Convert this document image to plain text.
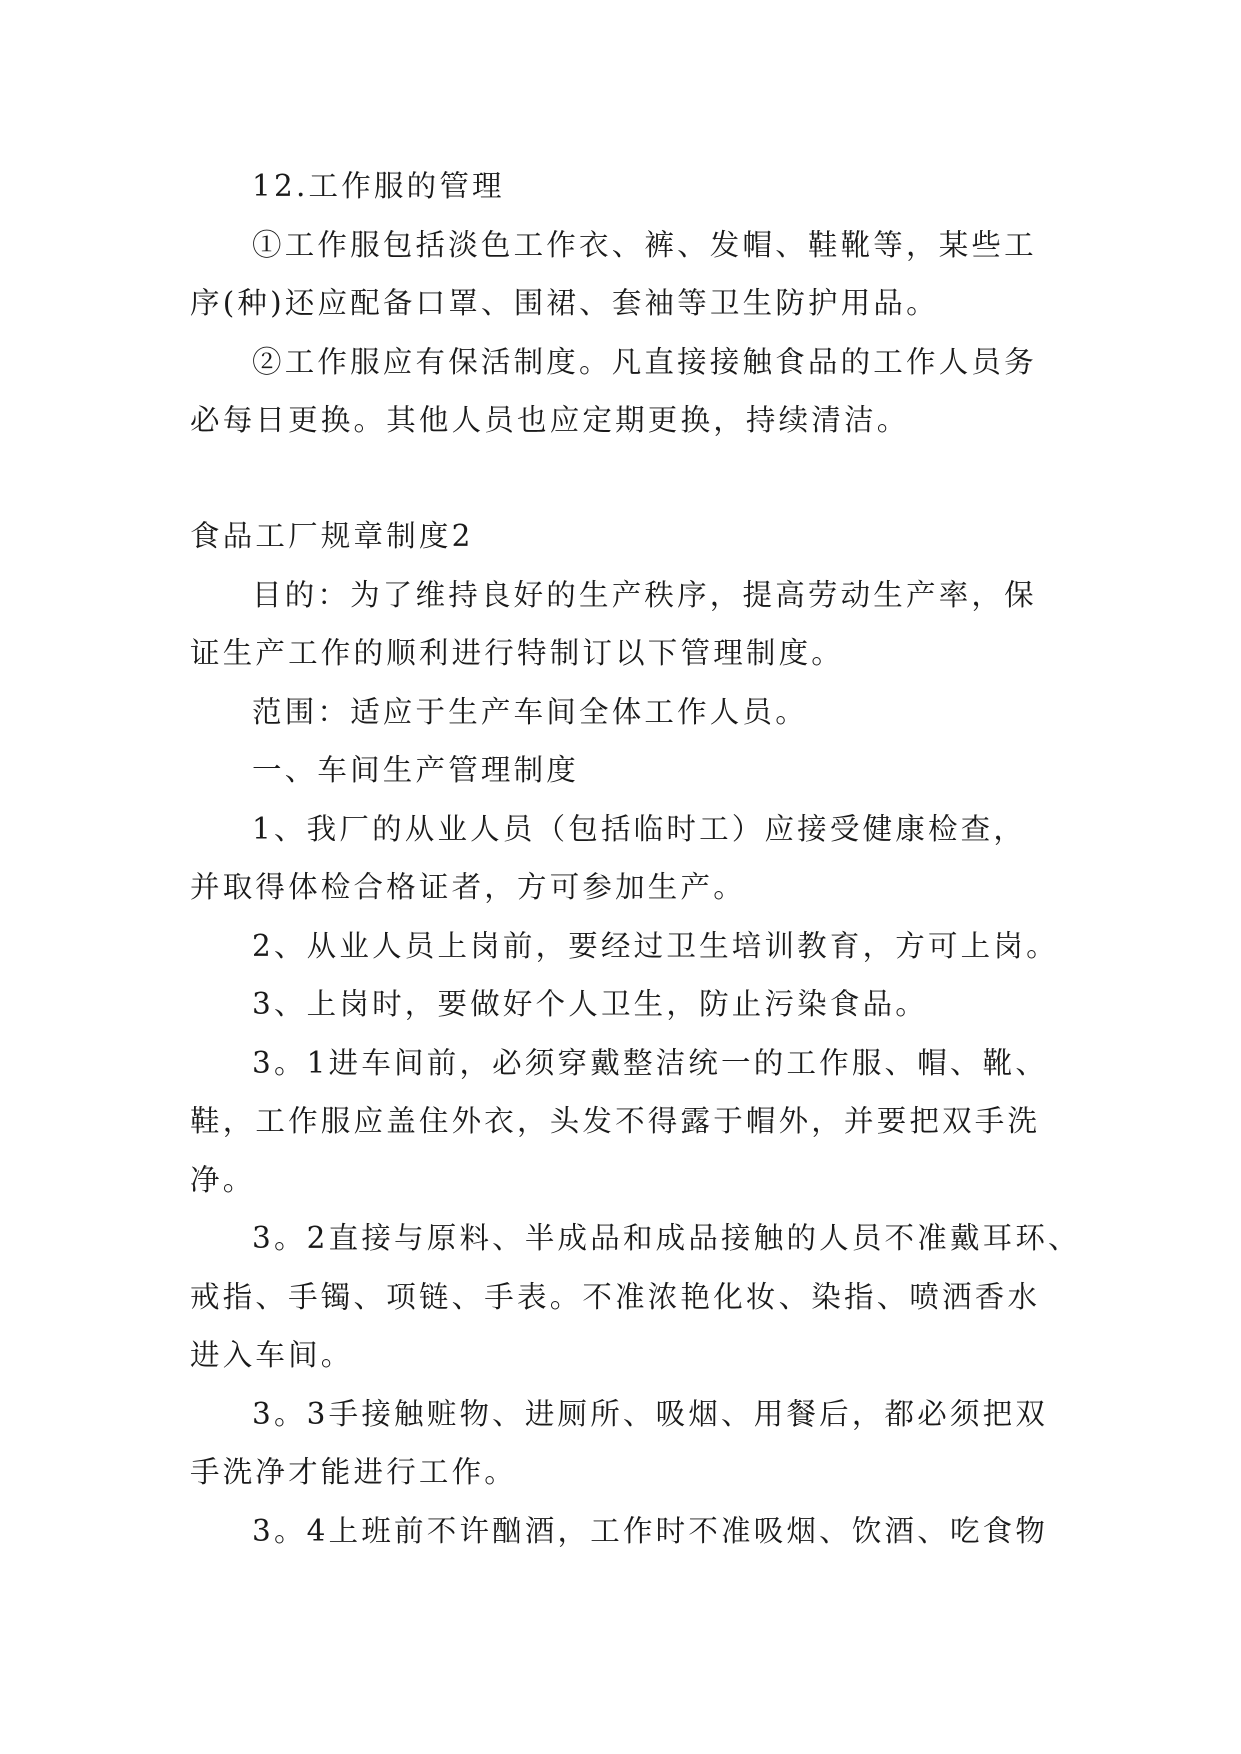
12.工作服的管理
①工作服包括淡色工作衣、裤、发帽、鞋靴等，某些工
序(种)还应配备口罩、围裙、套袖等卫生防护用品。
②工作服应有保活制度。凡直接接触食品的工作人员务
必每日更换。其他人员也应定期更换，持续清洁。
食品工厂规章制度2
目的：为了维持良好的生产秩序，提高劳动生产率，保
证生产工作的顺利进行特制订以下管理制度。
范围：适应于生产车间全体工作人员。
一、车间生产管理制度
1、我厂的从业人员（包括临时工）应接受健康检查，
并取得体检合格证者，方可参加生产。
2、从业人员上岗前，要经过卫生培训教育，方可上岗。
3、上岗时，要做好个人卫生，防止污染食品。
3。1进车间前，必须穿戴整洁统一的工作服、帽、靴、
鞋，工作服应盖住外衣，头发不得露于帽外，并要把双手洗
净。
3。2直接与原料、半成品和成品接触的人员不准戴耳环、
戒指、手镯、项链、手表。不准浓艳化妆、染指、喷洒香水
进入车间。
3。3手接触赃物、进厕所、吸烟、用餐后，都必须把双
手洗净才能进行工作。
3。4上班前不许酗酒，工作时不准吸烟、饮酒、吃食物
